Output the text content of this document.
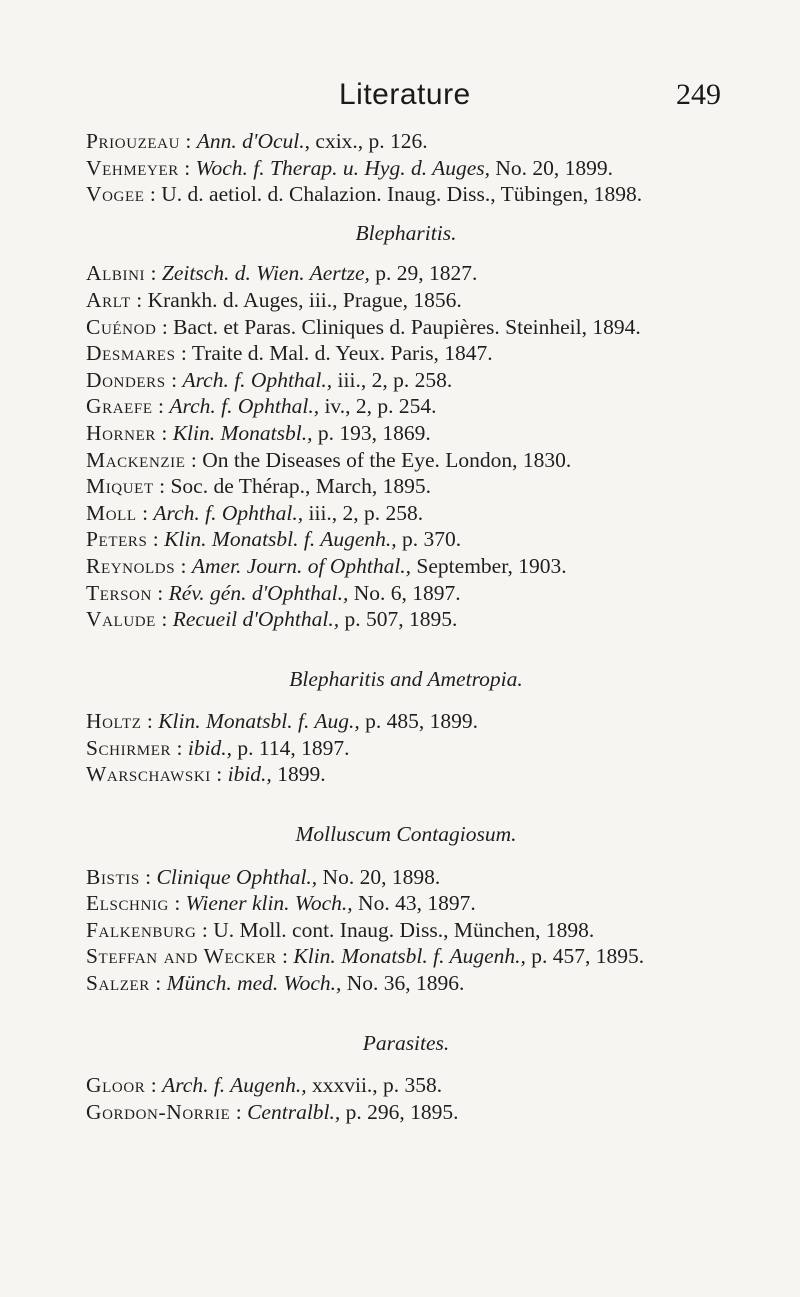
Literature	249
Priouzeau : Ann. d'Ocul., cxix., p. 126.
Vehmeyer : Woch. f. Therap. u. Hyg. d. Auges, No. 20, 1899.
Vogee : U. d. aetiol. d. Chalazion. Inaug. Diss., Tübingen, 1898.
Blepharitis.
Albini : Zeitsch. d. Wien. Aertze, p. 29, 1827.
Arlt : Krankh. d. Auges, iii., Prague, 1856.
Cuénod : Bact. et Paras. Cliniques d. Paupières. Steinheil, 1894.
Desmares : Traite d. Mal. d. Yeux. Paris, 1847.
Donders : Arch. f. Ophthal., iii., 2, p. 258.
Graefe : Arch. f. Ophthal., iv., 2, p. 254.
Horner : Klin. Monatsbl., p. 193, 1869.
Mackenzie : On the Diseases of the Eye. London, 1830.
Miquet : Soc. de Thérap., March, 1895.
Moll : Arch. f. Ophthal., iii., 2, p. 258.
Peters : Klin. Monatsbl. f. Augenh., p. 370.
Reynolds : Amer. Journ. of Ophthal., September, 1903.
Terson : Rév. gén. d'Ophthal., No. 6, 1897.
Valude : Recueil d'Ophthal., p. 507, 1895.
Blepharitis and Ametropia.
Holtz : Klin. Monatsbl. f. Aug., p. 485, 1899.
Schirmer : ibid., p. 114, 1897.
Warschawski : ibid., 1899.
Molluscum Contagiosum.
Bistis : Clinique Ophthal., No. 20, 1898.
Elschnig : Wiener klin. Woch., No. 43, 1897.
Falkenburg : U. Moll. cont. Inaug. Diss., München, 1898.
Steffan and Wecker : Klin. Monatsbl. f. Augenh., p. 457, 1895.
Salzer : Münch. med. Woch., No. 36, 1896.
Parasites.
Gloor : Arch. f. Augenh., xxxvii., p. 358.
Gordon-Norrie : Centralbl., p. 296, 1895.
